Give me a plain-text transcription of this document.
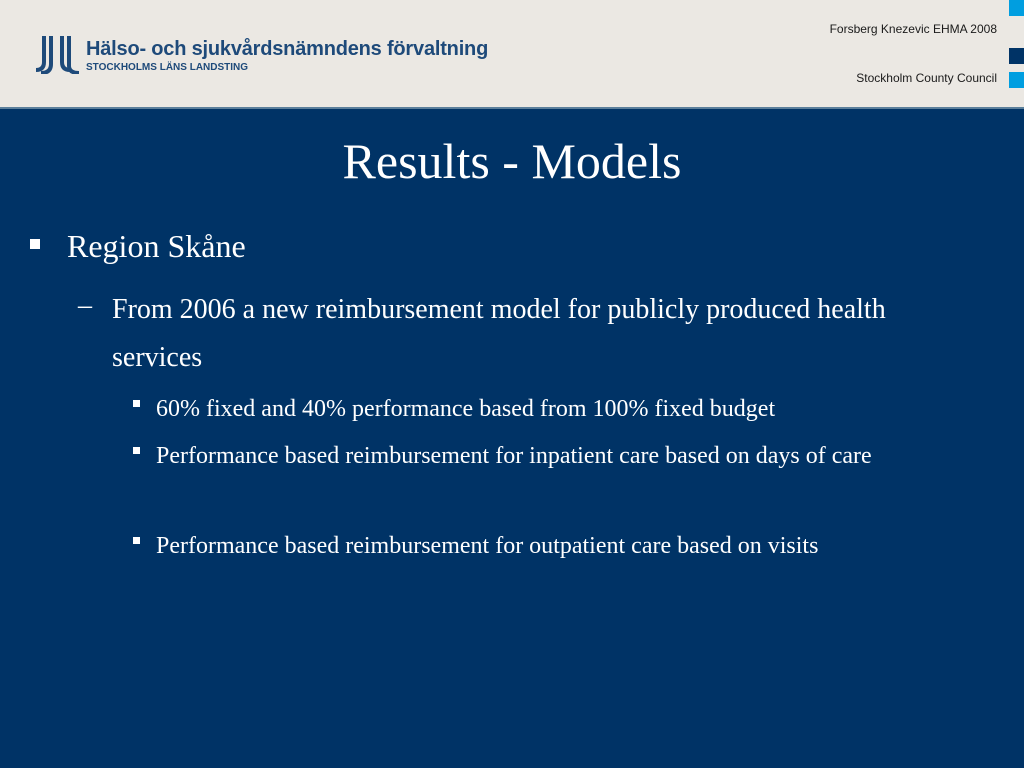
Hälso- och sjukvårdsnämndens förvaltning
STOCKHOLMS LÄNS LANDSTING
Forsberg Knezevic EHMA 2008
Stockholm County Council
Results - Models
Region Skåne
– From 2006 a new reimbursement model for publicly produced health services
60% fixed and 40% performance based from 100% fixed budget
Performance based reimbursement for inpatient care based on days of care
Performance based reimbursement for outpatient care based on visits
